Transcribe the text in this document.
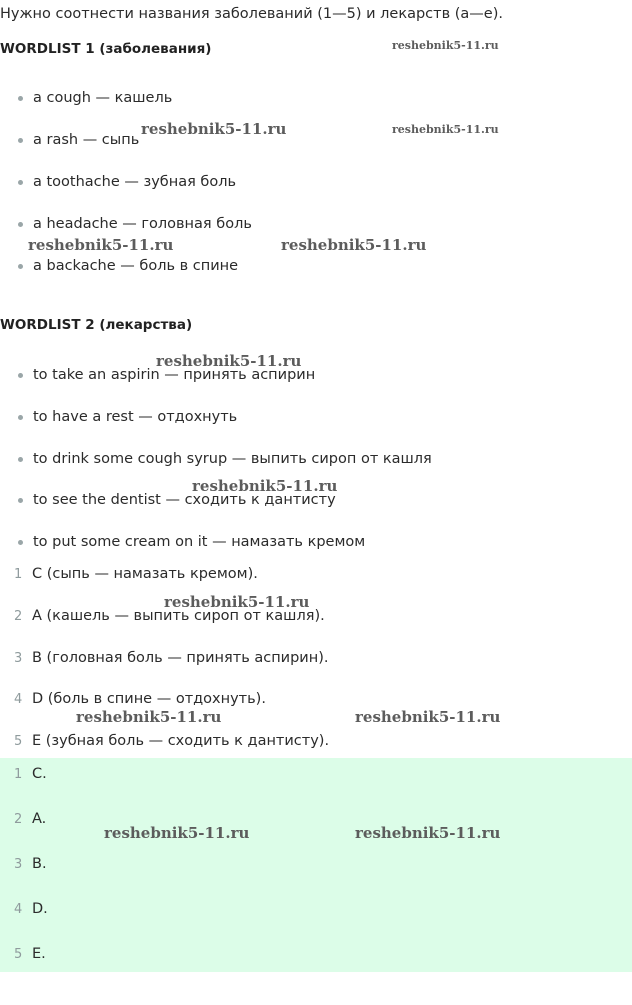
Нужно соотнести названия заболеваний (1—5) и лекарств (а—е).
WORDLIST 1 (заболевания)
a cough — кашель
a rash — сыпь
a toothache — зубная боль
a headache — головная боль
a backache — боль в спине
WORDLIST 2 (лекарства)
to take an aspirin — принять аспирин
to have a rest — отдохнуть
to drink some cough syrup — выпить сироп от кашля
to see the dentist — сходить к дантисту
to put some cream on it — намазать кремом
1 С (сыпь — намазать кремом).
2 А (кашель — выпить сироп от кашля).
3 В (головная боль — принять аспирин).
4 D (боль в спине — отдохнуть).
5 Е (зубная боль — сходить к дантисту).
1 С.
2 A.
3 B.
4 D.
5 E.
reshebnik5-11.ru
reshebnik5-11.ru	reshebnik5-11.ru
reshebnik5-11.ru	reshebnik5-11.ru
reshebnik5-11.ru
reshebnik5-11.ru
reshebnik5-11.ru
reshebnik5-11.ru	reshebnik5-11.ru
reshebnik5-11.ru	reshebnik5-11.ru
